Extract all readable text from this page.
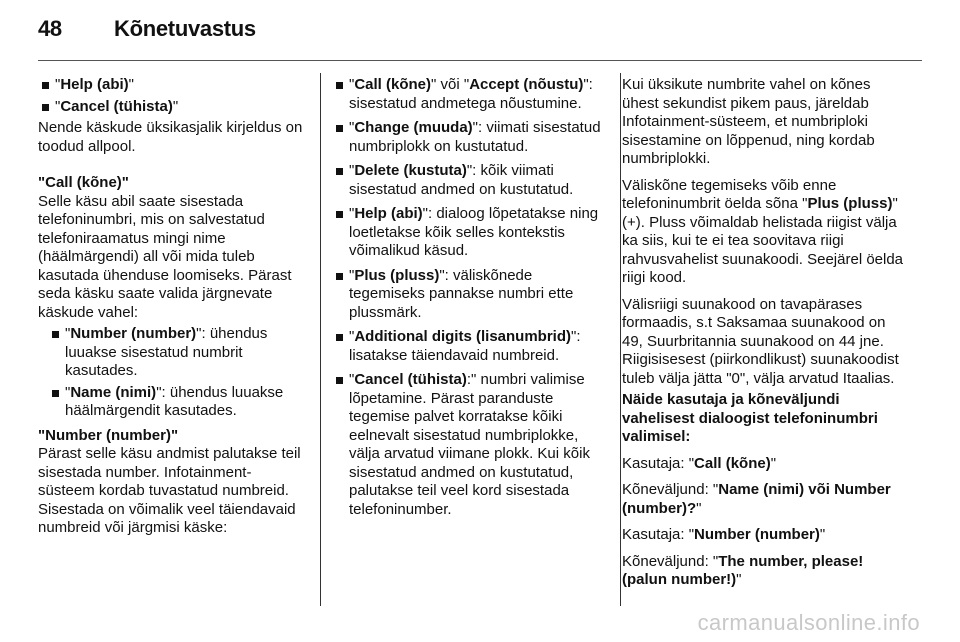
48 Kõnetuvastus
"Help (abi)"
"Cancel (tühista)"

Nende käskude üksikasjalik kirjeldus on toodud allpool.

"Call (kõne)"

Selle käsu abil saate sisestada telefoninumbri, mis on salvestatud telefoniraamatus mingi nime (häälmärgendi) all või mida tuleb kasutada ühenduse loomiseks. Pärast seda käsku saate valida järgnevate käskude vahel:

"Number (number)": ühendus luuakse sisestatud numbrit kasutades.
"Name (nimi)": ühendus luuakse häälmärgendit kasutades.
"Number (number)"

Pärast selle käsu andmist palutakse teil sisestada number. Infotainment-süsteem kordab tuvastatud numbreid. Sisestada on võimalik veel täiendavaid numbreid või järgmisi käske:

"Call (kõne)" või "Accept (nõustu)": sisestatud andmetega nõustumine.
"Change (muuda)": viimati sisestatud numbriplokk on kustutatud.
"Delete (kustuta)": kõik viimati sisestatud andmed on kustutatud.
"Help (abi)": dialoog lõpetatakse ning loetletakse kõik selles kontekstis võimalikud käsud.
"Plus (pluss)": väliskõnede tegemiseks pannakse numbri ette plussmärk.
"Additional digits (lisanumbrid)": lisatakse täiendavaid numbreid.
"Cancel (tühista):" numbri valimise lõpetamine. Pärast paranduste tegemise palvet korratakse kõiki eelnevalt sisestatud numbriplokke, välja arvatud viimane plokk. Kui kõik sisestatud andmed on kustutatud, palutakse teil veel kord sisestada telefoninumber.

Kui üksikute numbrite vahel on kõnes ühest sekundist pikem paus, järeldab Infotainment-süsteem, et numbriploki sisestamine on lõppenud, ning kordab numbriplokki.

Väliskõne tegemiseks võib enne telefoninumbrit öelda sõna "Plus (pluss)" (+). Pluss võimaldab helistada riigist välja ka siis, kui te ei tea soovitava riigi rahvusvahelist suunakoodi. Seejärel öelda riigi kood.

Välisriigi suunakood on tavapärases formaadis, s.t Saksamaa suunakood on 49, Suurbritannia suunakood on 44 jne. Riigisisesest (piirkondlikust) suunakoodist tuleb välja jätta "0", välja arvatud Itaalias.

Näide kasutaja ja kõneväljundi vahelisest dialoogist telefoninumbri valimisel:

Kasutaja: "Call (kõne)"

Kõneväljund: "Name (nimi) või Number (number)?"

Kasutaja: "Number (number)"

Kõneväljund: "The number, please! (palun number!)"

carmanualsonline.info
